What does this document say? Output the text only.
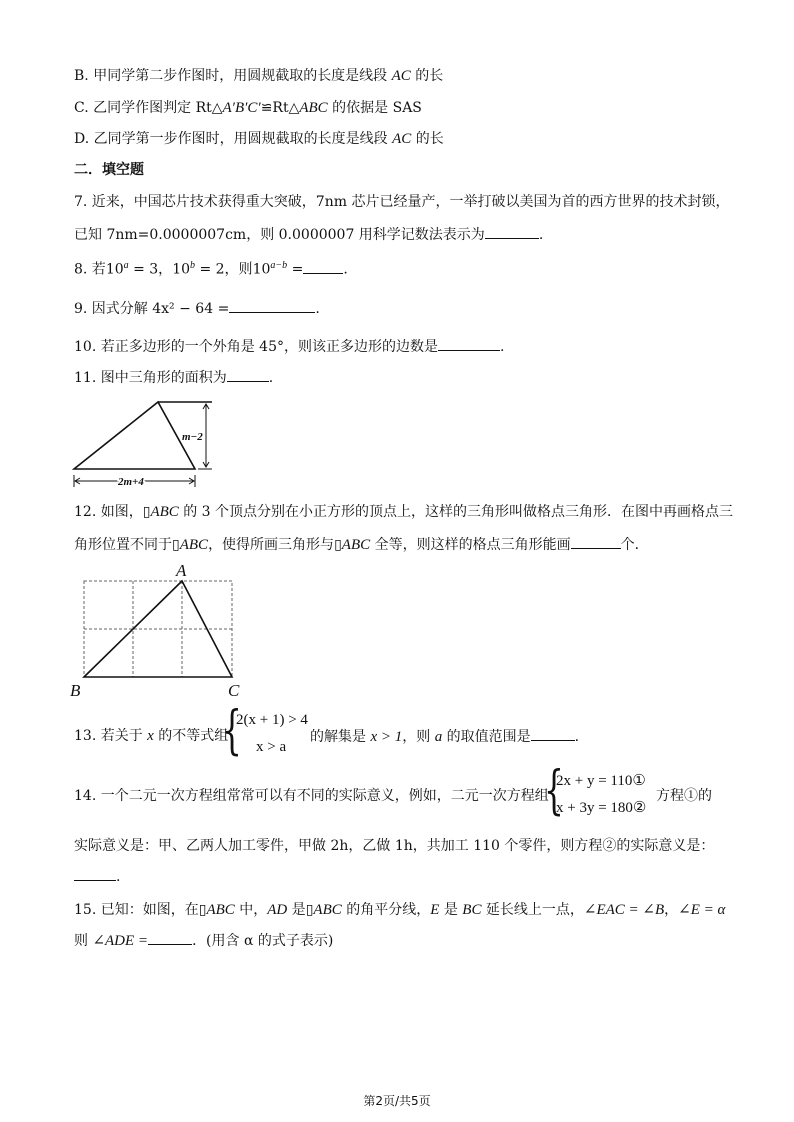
B. 甲同学第二步作图时，用圆规截取的长度是线段 AC 的长
C. 乙同学作图判定 Rt△A′B′C′≌Rt△ABC 的依据是 SAS
D. 乙同学第一步作图时，用圆规截取的长度是线段 AC 的长
二．填空题
7. 近来，中国芯片技术获得重大突破，7nm 芯片已经量产，一举打破以美国为首的西方世界的技术封锁，
已知 7nm=0.0000007cm，则 0.0000007 用科学记数法表示为	.
8. 若$10^a = 3$，$10^b = 2$，则$10^{a-b}$ =	.
9. 因式分解 4x² − 64 =	.
10. 若正多边形的一个外角是 45°，则该正多边形的边数是	.
11. 图中三角形的面积为	.
m−2
2m+4
12. 如图，▯ABC 的 3 个顶点分别在小正方形的顶点上，这样的三角形叫做格点三角形．在图中再画格点三
角形位置不同于▯ABC，使得所画三角形与▯ABC 全等，则这样的格点三角形能画	个．
A
B	C
13. 若关于 x 的不等式组
{
2(x + 1) > 4
x > a
的解集是 x > 1，则 a 的取值范围是	.
14. 一个二元一次方程组常常可以有不同的实际意义，例如，二元一次方程组
{
2x + y = 110①
x + 3y = 180②
方程①的
实际意义是：甲、乙两人加工零件，甲做 2h，乙做 1h，共加工 110 个零件，则方程②的实际意义是：
.
15. 已知：如图，在▯ABC 中，AD 是▯ABC 的角平分线，E 是 BC 延长线上一点，∠EAC = ∠B，∠E = α
则 ∠ADE =	．(用含 α 的式子表示)
第2页/共5页
